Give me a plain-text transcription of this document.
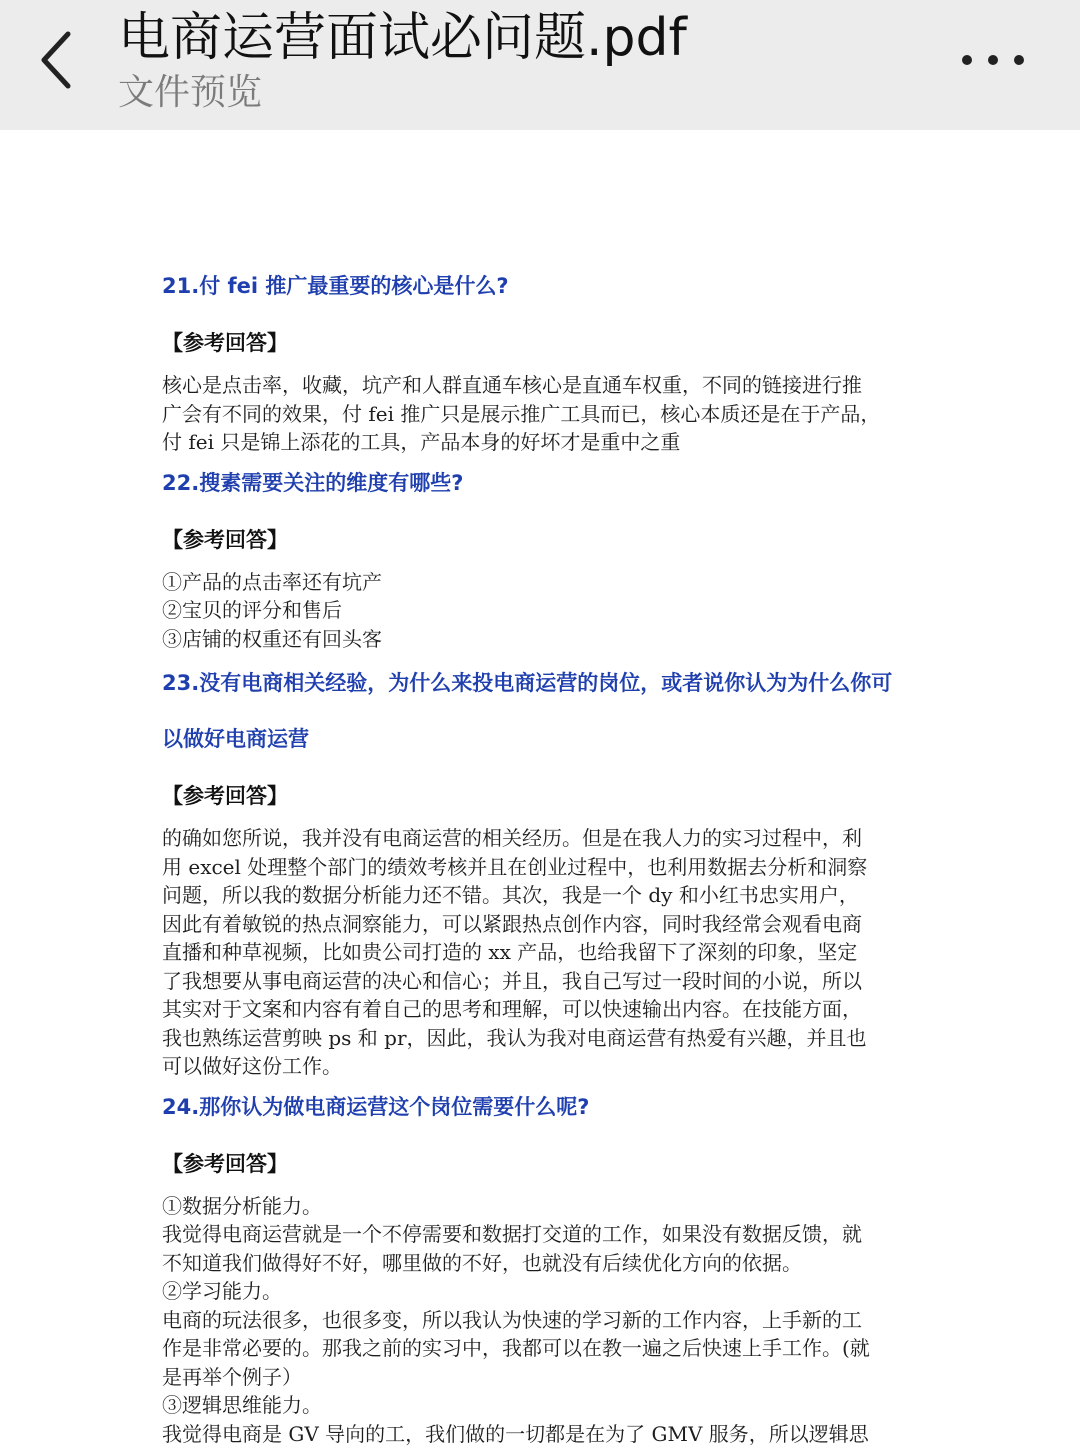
电商运营面试必问题.pdf
文件预览
21.付 fei 推广最重要的核心是什么?
【参考回答】
核心是点击率，收藏，坑产和人群直通车核心是直通车权重，不同的链接进行推
广会有不同的效果，付 fei 推广只是展示推广工具而已，核心本质还是在于产品，
付 fei 只是锦上添花的工具，产品本身的好坏才是重中之重
22.搜素需要关注的维度有哪些?
【参考回答】
①产品的点击率还有坑产
②宝贝的评分和售后
③店铺的权重还有回头客
23.没有电商相关经验，为什么来投电商运营的岗位，或者说你认为为什么你可
以做好电商运营
【参考回答】
的确如您所说，我并没有电商运营的相关经历。但是在我人力的实习过程中，利
用 excel 处理整个部门的绩效考核并且在创业过程中，也利用数据去分析和洞察
问题，所以我的数据分析能力还不错。其次，我是一个 dy 和小红书忠实用户，
因此有着敏锐的热点洞察能力，可以紧跟热点创作内容，同时我经常会观看电商
直播和种草视频，比如贵公司打造的 xx 产品，也给我留下了深刻的印象，坚定
了我想要从事电商运营的决心和信心；并且，我自己写过一段时间的小说，所以
其实对于文案和内容有着自己的思考和理解，可以快速输出内容。在技能方面，
我也熟练运营剪映 ps 和 pr，因此，我认为我对电商运营有热爱有兴趣，并且也
可以做好这份工作。
24.那你认为做电商运营这个岗位需要什么呢?
【参考回答】
①数据分析能力。
我觉得电商运营就是一个不停需要和数据打交道的工作，如果没有数据反馈，就
不知道我们做得好不好，哪里做的不好，也就没有后续优化方向的依据。
②学习能力。
电商的玩法很多，也很多变，所以我认为快速的学习新的工作内容，上手新的工
作是非常必要的。那我之前的实习中，我都可以在教一遍之后快速上手工作。(就
是再举个例子）
③逻辑思维能力。
我觉得电商是 GV 导向的工，我们做的一切都是在为了 GMV 服务，所以逻辑思
